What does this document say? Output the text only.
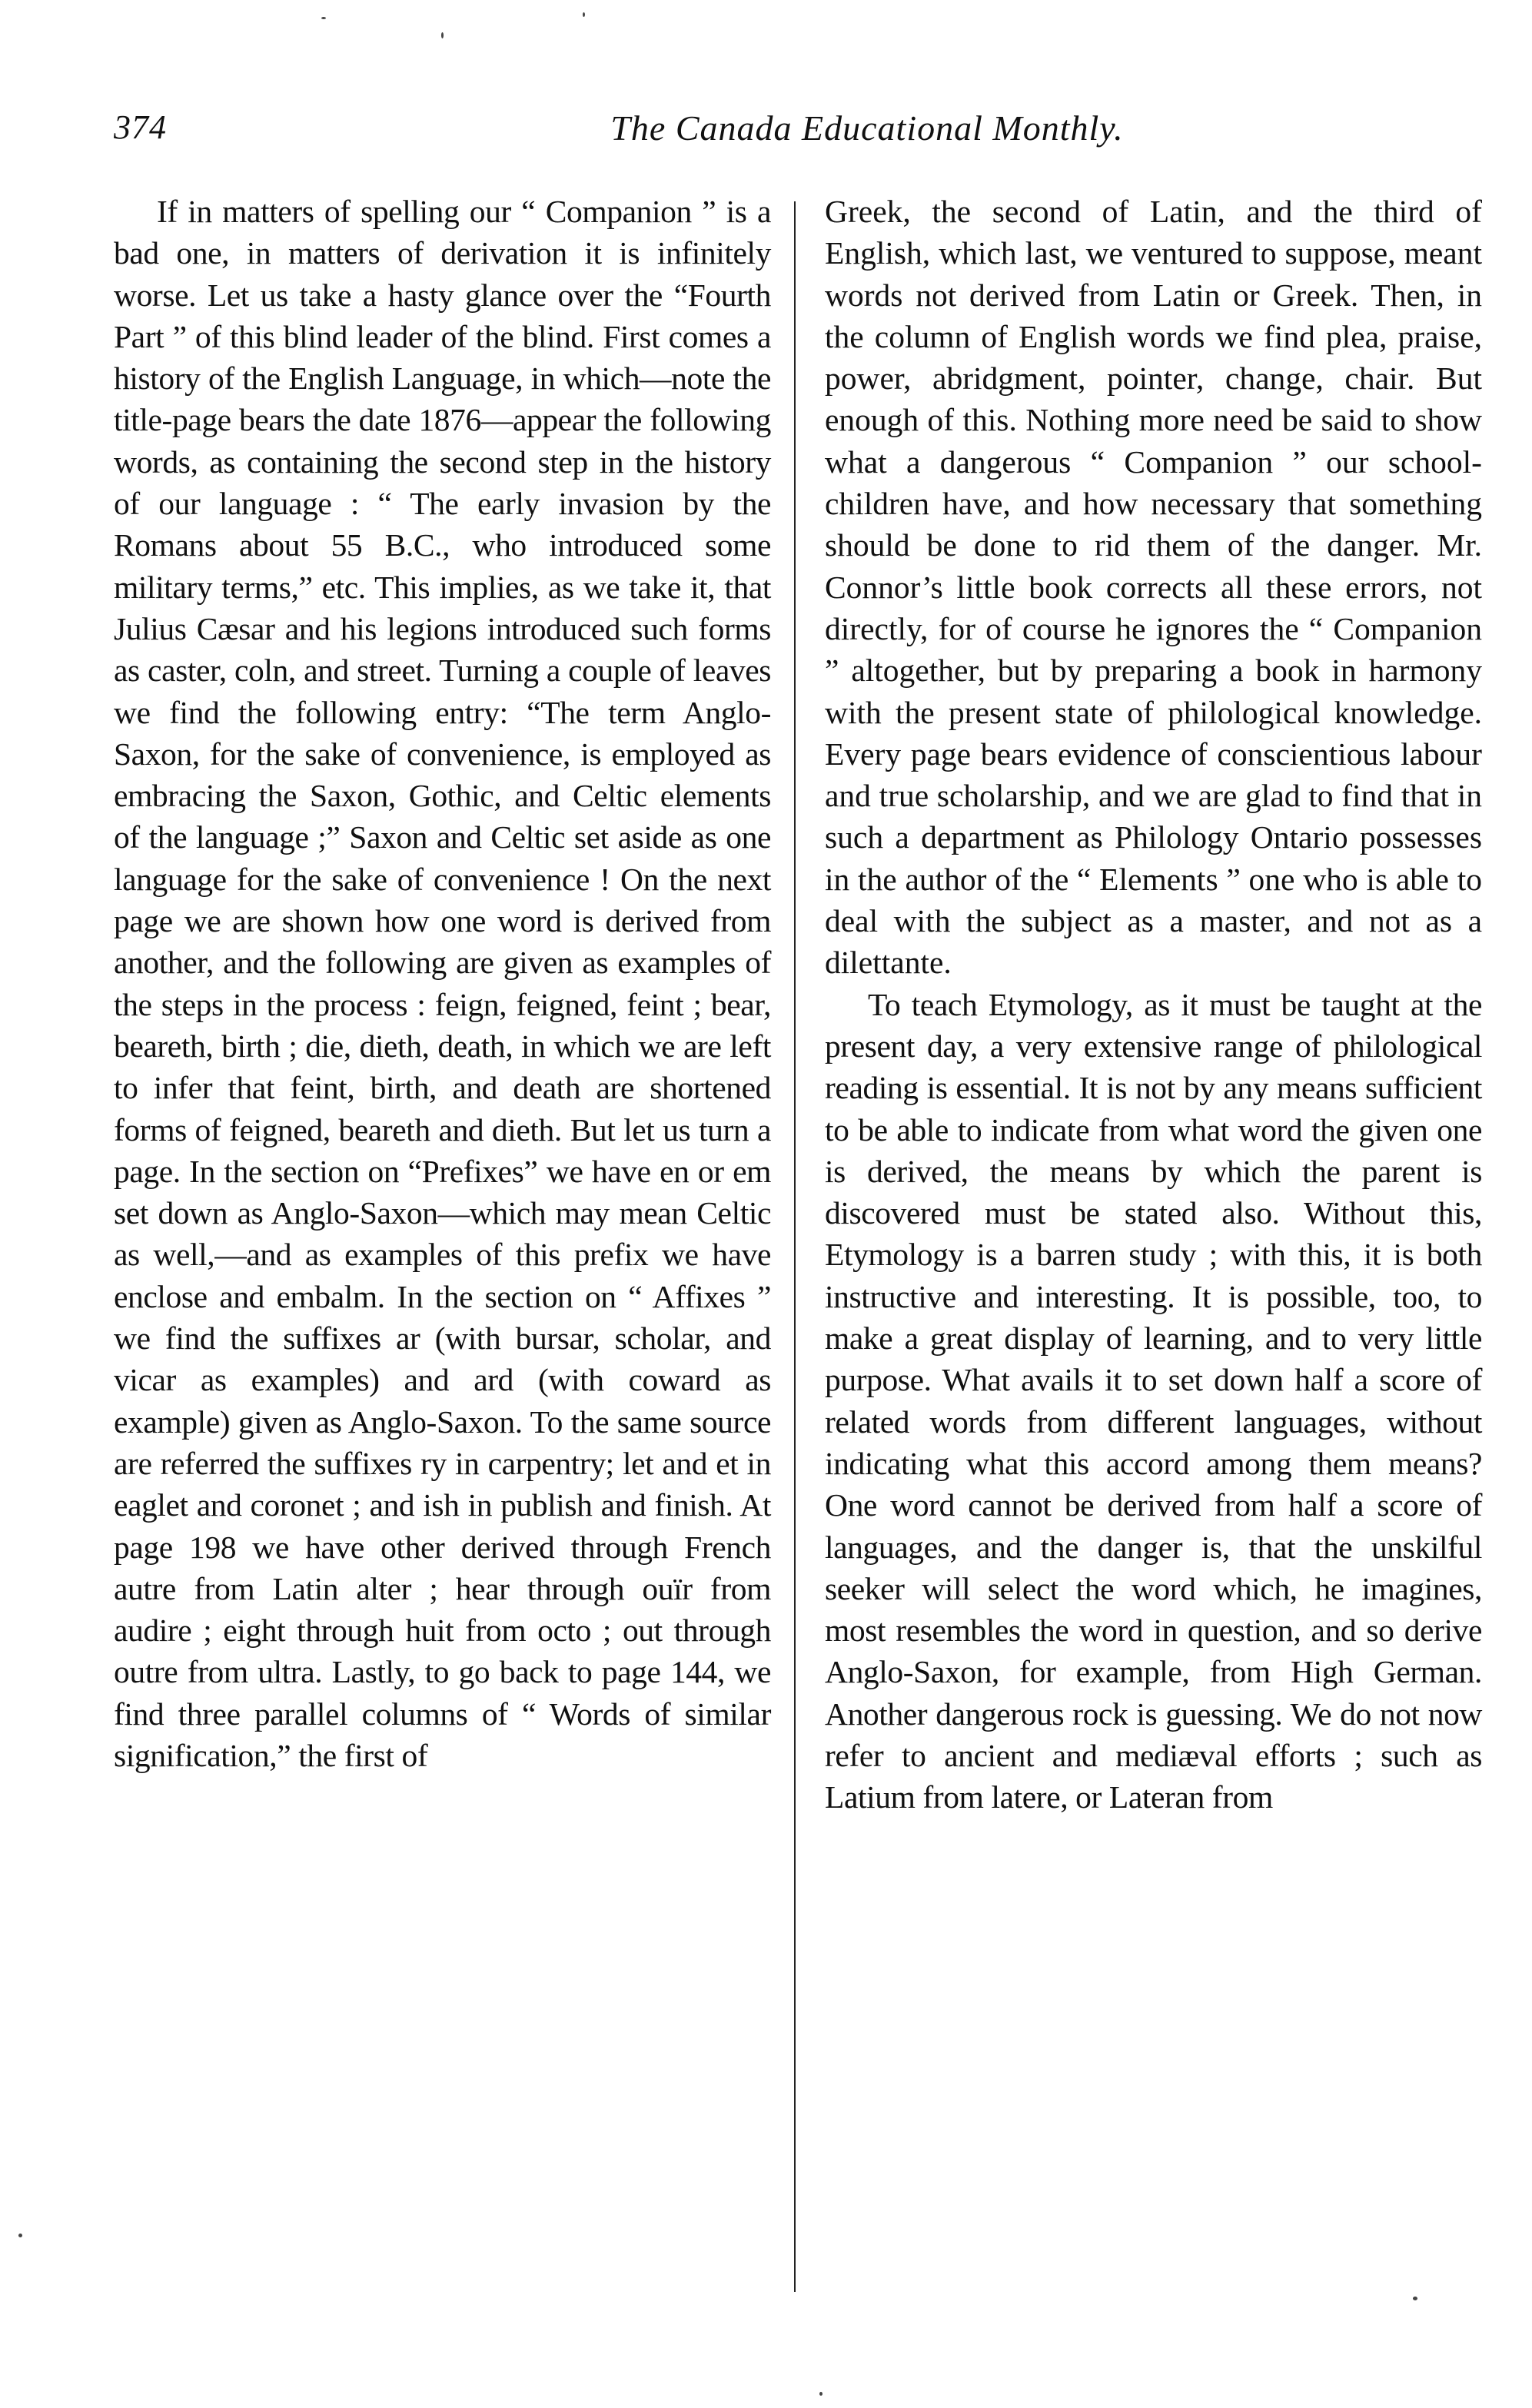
374	The Canada Educational Monthly.

If in matters of spelling our “ Companion ” is a bad one, in matters of derivation it is infinitely worse. Let us take a hasty glance over the “Fourth Part ” of this blind leader of the blind. First comes a history of the English Language, in which—note the title-page bears the date 1876—appear the following words, as containing the second step in the history of our language : “ The early invasion by the Romans about 55 B.C., who introduced some military terms,” etc. This implies, as we take it, that Julius Cæsar and his legions introduced such forms as caster, coln, and street. Turning a couple of leaves we find the following entry: “The term Anglo-Saxon, for the sake of convenience, is employed as embracing the Saxon, Gothic, and Celtic elements of the language ;” Saxon and Celtic set aside as one language for the sake of convenience ! On the next page we are shown how one word is derived from another, and the following are given as examples of the steps in the process : feign, feigned, feint ; bear, beareth, birth ; die, dieth, death, in which we are left to infer that feint, birth, and death are shortened forms of feigned, beareth and dieth. But let us turn a page. In the section on “Prefixes” we have en or em set down as Anglo-Saxon—which may mean Celtic as well,—and as examples of this prefix we have enclose and embalm. In the section on “ Affixes ” we find the suffixes ar (with bursar, scholar, and vicar as examples) and ard (with coward as example) given as Anglo-Saxon. To the same source are referred the suffixes ry in carpentry; let and et in eaglet and coronet ; and ish in publish and finish. At page 198 we have other derived through French autre from Latin alter ; hear through ouïr from audire ; eight through huit from octo ; out through outre from ultra. Lastly, to go back to page 144, we find three parallel columns of “ Words of similar signification,” the first of

Greek, the second of Latin, and the third of English, which last, we ventured to suppose, meant words not derived from Latin or Greek. Then, in the column of English words we find plea, praise, power, abridgment, pointer, change, chair. But enough of this. Nothing more need be said to show what a dangerous “ Companion ” our school-children have, and how necessary that something should be done to rid them of the danger. Mr. Connor’s little book corrects all these errors, not directly, for of course he ignores the “ Companion ” altogether, but by preparing a book in harmony with the present state of philological knowledge. Every page bears evidence of conscientious labour and true scholarship, and we are glad to find that in such a department as Philology Ontario possesses in the author of the “ Elements ” one who is able to deal with the subject as a master, and not as a dilettante.

To teach Etymology, as it must be taught at the present day, a very extensive range of philological reading is essential. It is not by any means sufficient to be able to indicate from what word the given one is derived, the means by which the parent is discovered must be stated also. Without this, Etymology is a barren study ; with this, it is both instructive and interesting. It is possible, too, to make a great display of learning, and to very little purpose. What avails it to set down half a score of related words from different languages, without indicating what this accord among them means? One word cannot be derived from half a score of languages, and the danger is, that the unskilful seeker will select the word which, he imagines, most resembles the word in question, and so derive Anglo-Saxon, for example, from High German. Another dangerous rock is guessing. We do not now refer to ancient and mediæval efforts ; such as Latium from latere, or Lateran from
